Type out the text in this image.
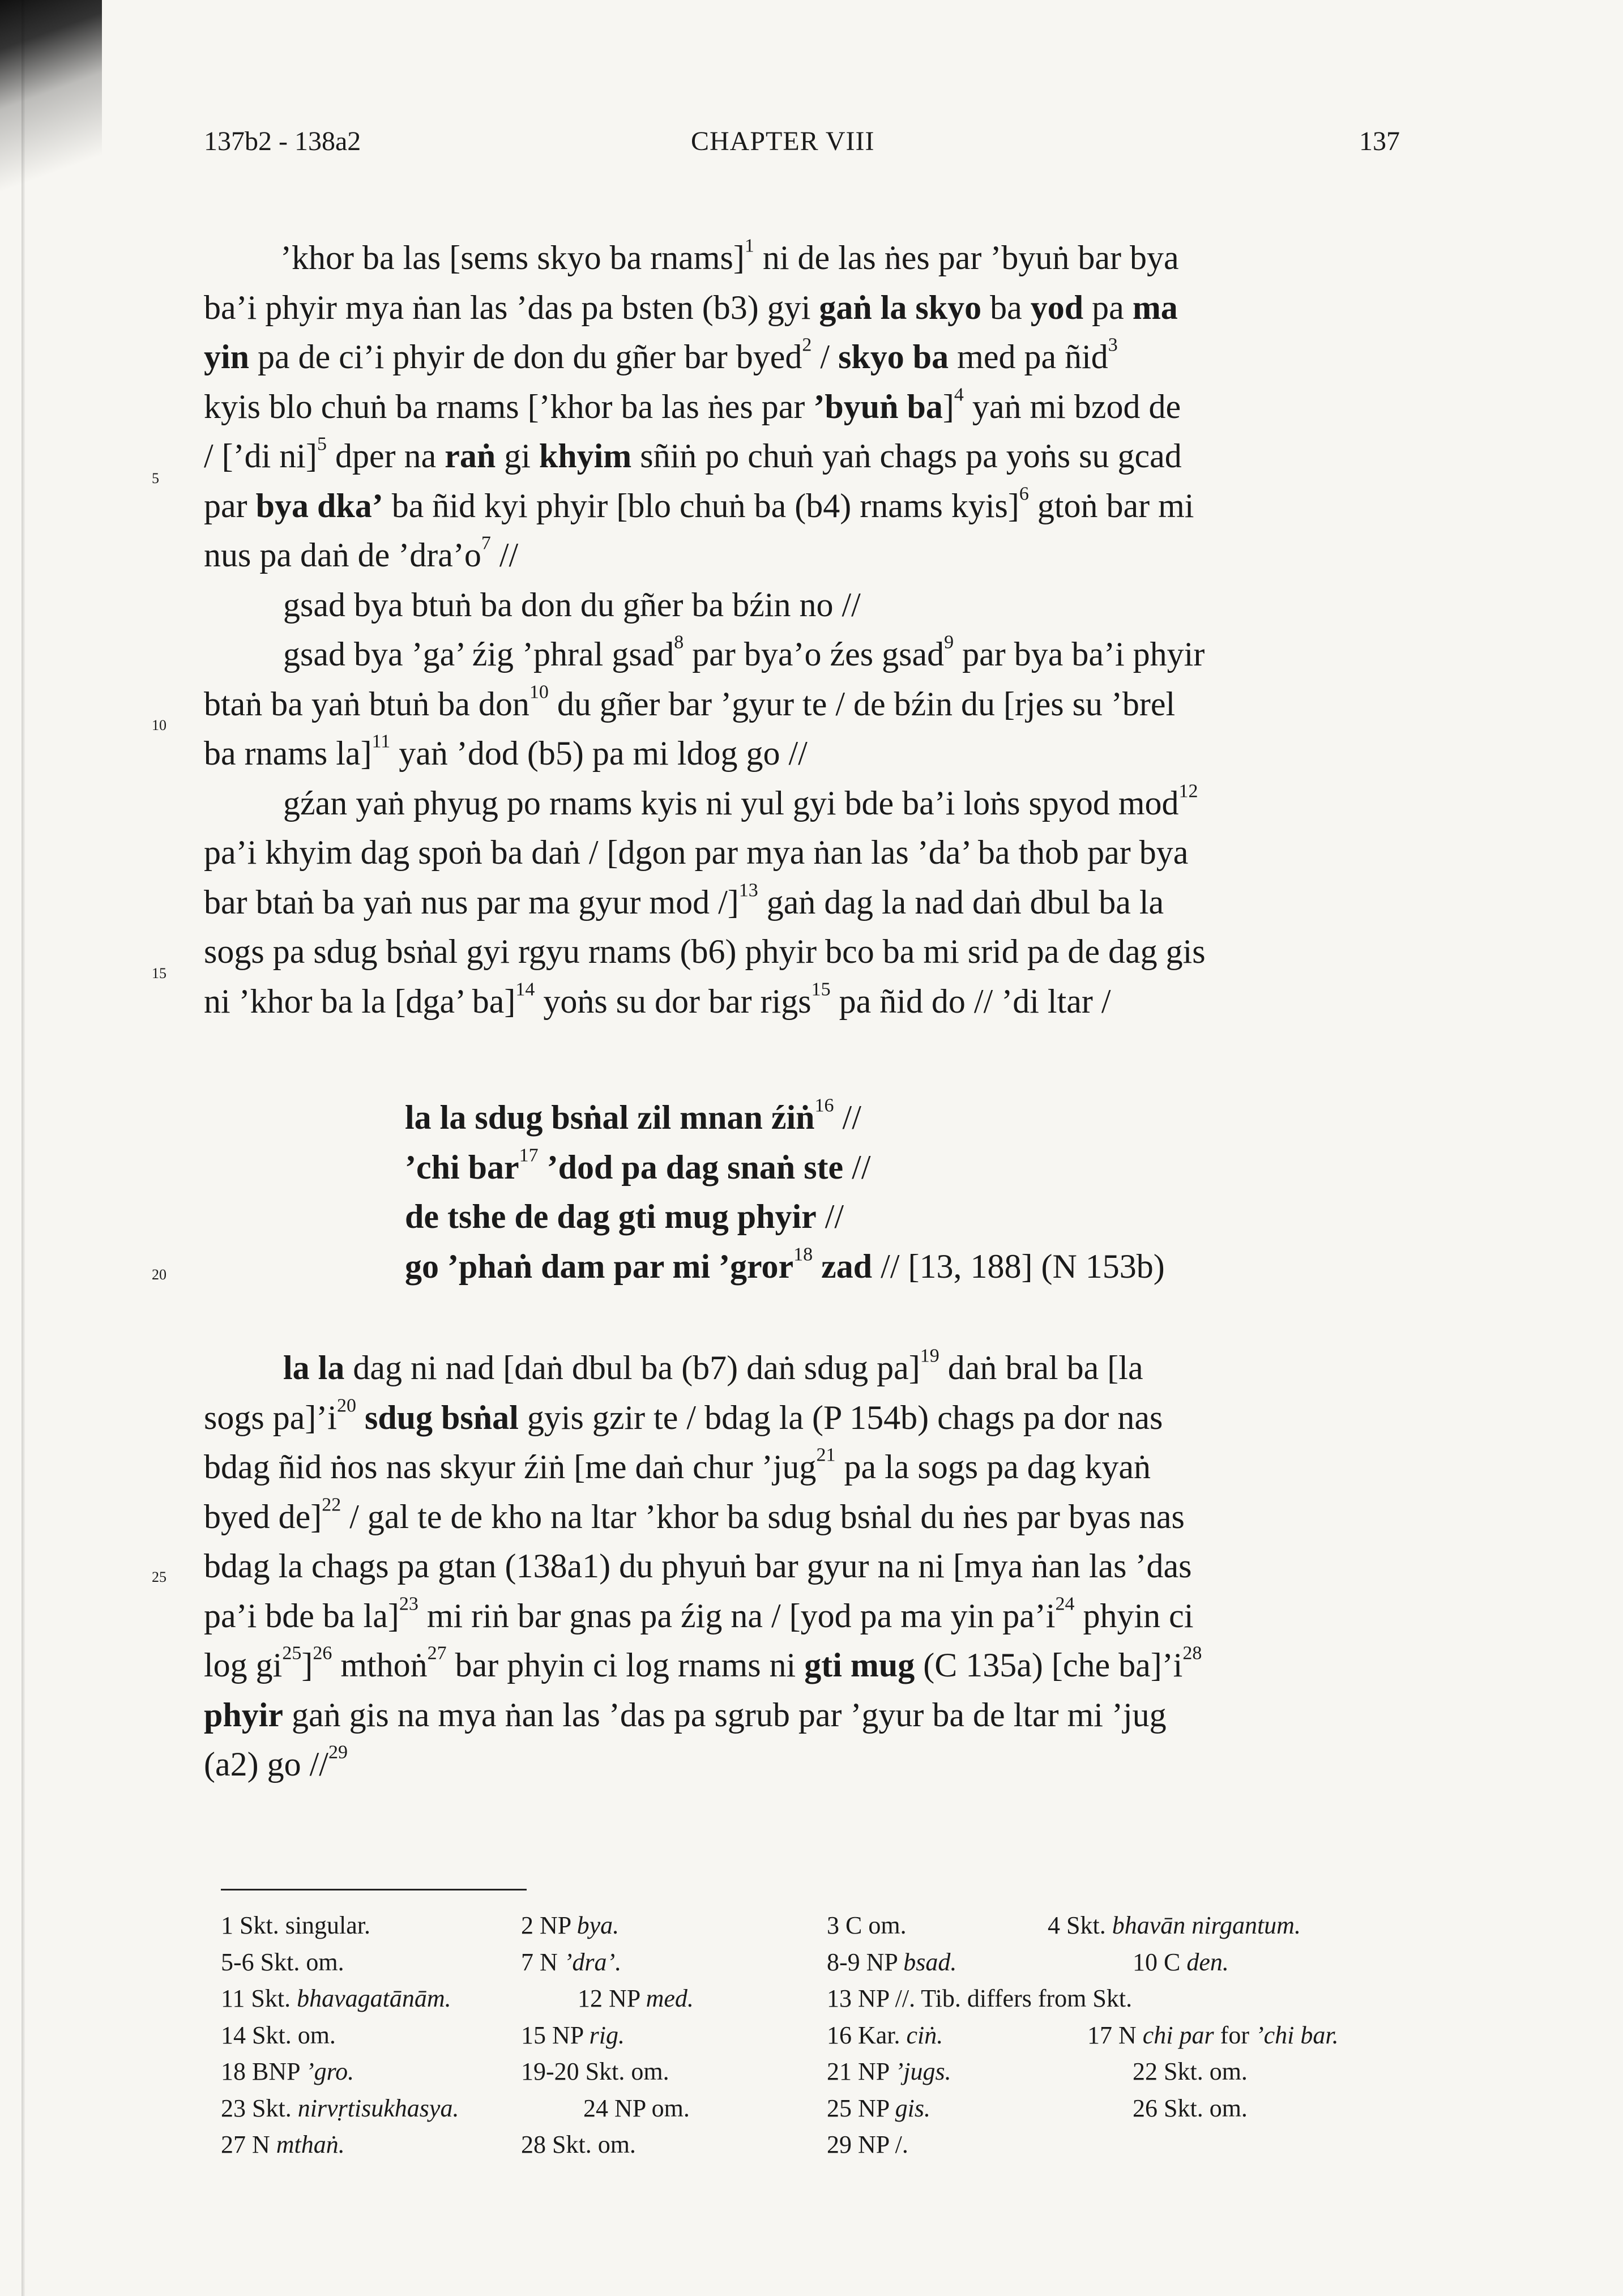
137b2 - 138a2	CHAPTER VIII	137
5
10
15
20
25
’khor ba las [sems skyo ba rnams]$^1$ ni de las ṅes par ’byuṅ bar bya
ba’i phyir mya ṅan las ’das pa bsten (b3) gyi gaṅ la skyo ba yod pa ma
yin pa de ci’i phyir de don du gñer bar byed$^2$ / skyo ba med pa ñid$^3$
kyis blo chuṅ ba rnams [’khor ba las ṅes par ’byuṅ ba]$^4$ yaṅ mi bzod de
/ [’di ni]$^5$ dper na raṅ gi khyim sñiṅ po chuṅ yaṅ chags pa yoṅs su gcad
par bya dka’ ba ñid kyi phyir [blo chuṅ ba (b4) rnams kyis]$^6$ gtoṅ bar mi
nus pa daṅ de $’dra’o^7$ //
gsad bya btuṅ ba don du gñer ba bźin no //
gsad bya ’ga’ źig ’phral gsad$^8$ par bya’o źes gsad$^9$ par bya ba’i phyir
btaṅ ba yaṅ btuṅ ba don$^{10}$ du gñer bar ’gyur te / de bźin du [rjes su ’brel
ba rnams la]$^{11}$ yaṅ ’dod (b5) pa mi ldog go //
gźan yaṅ phyug po rnams kyis ni yul gyi bde ba’i loṅs spyod mod$^{12}$
pa’i khyim dag spoṅ ba daṅ / [dgon par mya ṅan las ’da’ ba thob par bya
bar btaṅ ba yaṅ nus par ma gyur mod /]$^{13}$ gaṅ dag la nad daṅ dbul ba la
sogs pa sdug bsṅal gyi rgyu rnams (b6) phyir bco ba mi srid pa de dag gis
ni ’khor ba la [dga’ ba]$^{14}$ yoṅs su dor bar rigs$^{15}$ pa ñid do // ’di ltar /
la la sdug bsṅal zil mnan źiṅ$^{16}$ //
’chi bar$^{17}$ ’dod pa dag snaṅ ste //
de tshe de dag gti mug phyir //
go ’phaṅ dam par mi ’gror$^{18}$ zad // [13, 188] (N 153b)
la la dag ni nad [daṅ dbul ba (b7) daṅ sdug pa]$^{19}$ daṅ bral ba [la
sogs $pa]’i^{20}$ sdug bsṅal gyis gzir te / bdag la (P 154b) chags pa dor nas
bdag ñid ṅos nas skyur źiṅ [me daṅ chur ’jug$^{21}$ pa la sogs pa dag kyaṅ
byed de]$^{22}$ / gal te de kho na ltar ’khor ba sdug bsṅal du ṅes par byas nas
bdag la chags pa gtan (138a1) du phyuṅ bar gyur na ni [mya ṅan las ’das
pa’i bde ba la]$^{23}$ mi riṅ bar gnas pa źig na / [yod pa ma yin $pa’i^{24}$ phyin ci
$\log gi^{25}]^{26}$ mthoṅ$^{27}$ bar phyin ci log rnams ni gti mug (C 135a) [che $ba]’i^{28}$
phyir gaṅ gis na mya ṅan las ’das pa sgrub par ’gyur ba de ltar mi ’jug
(a2) go //$^{29}$
1 Skt. singular.	2 NP bya.	3 C om.	4 Skt. bhavān nirgantum.
5-6 Skt. om.	7 N ’dra’.	8-9 NP bsad.	10 C den.
11 Skt. bhavagatānām.	12 NP med.	13 NP //. Tib. differs from Skt.
14 Skt. om.	15 NP rig.	16 Kar. ciṅ.	17 N chi par for ’chi bar.
18 BNP ’gro.	19-20 Skt. om.	21 NP ’jugs.	22 Skt. om.
23 Skt. nirvṛtisukhasya.	24 NP om.	25 NP gis.	26 Skt. om.
27 N mthaṅ.	28 Skt. om.	29 NP /.
